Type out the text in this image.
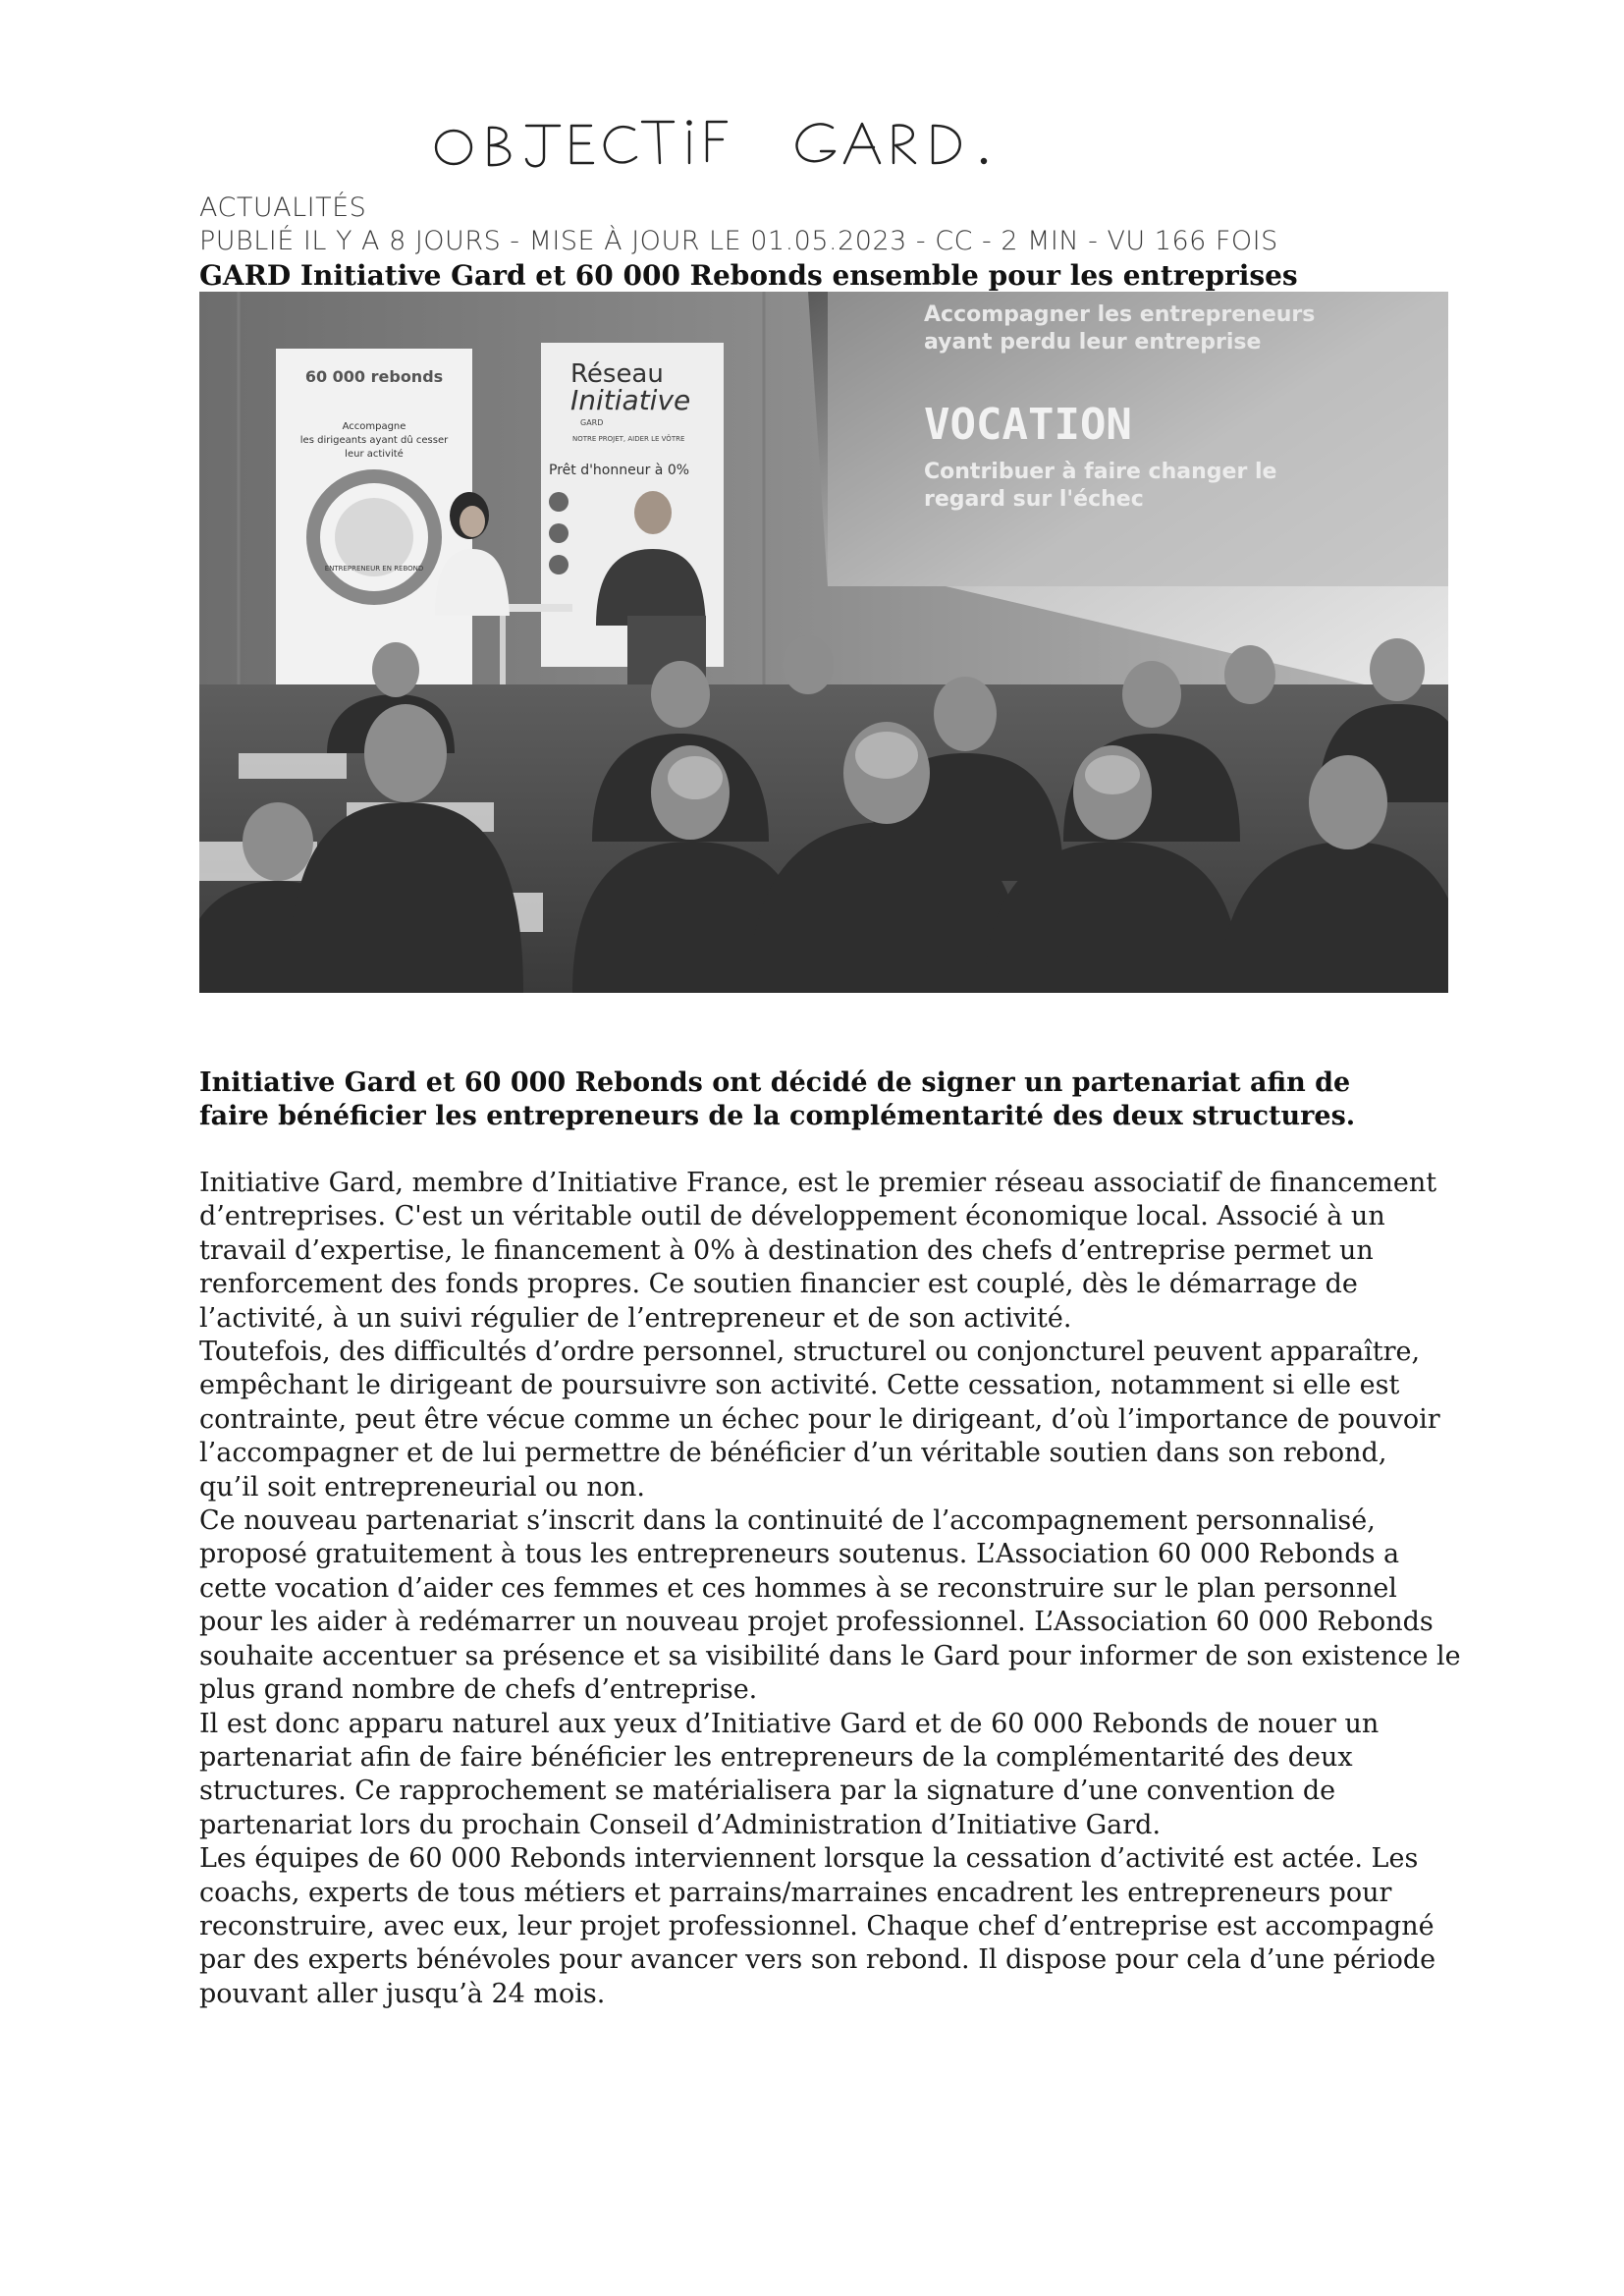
ACTUALITÉS
PUBLIÉ IL Y A 8 JOURS - MISE À JOUR LE 01.05.2023 - CC - 2 MIN - VU 166 FOIS
GARD Initiative Gard et 60 000 Rebonds ensemble pour les entreprises
Accompagner les entrepreneurs
ayant perdu leur entreprise
VOCATION
Contribuer à faire changer le
regard sur l'échec
60 000 rebonds
Accompagne
les dirigeants ayant dû cesser
leur activité
ENTREPRENEUR EN REBOND
Réseau
Initiative
GARD
NOTRE PROJET, AIDER LE VÔTRE
Prêt d'honneur à 0%
Initiative Gard et 60 000 Rebonds ont décidé de signer un partenariat afin de
faire bénéficier les entrepreneurs de la complémentarité des deux structures.

Initiative Gard, membre d’Initiative France, est le premier réseau associatif de financement

d’entreprises. C'est un véritable outil de développement économique local. Associé à un

travail d’expertise, le financement à 0% à destination des chefs d’entreprise permet un

renforcement des fonds propres. Ce soutien financier est couplé, dès le démarrage de

l’activité, à un suivi régulier de l’entrepreneur et de son activité.

Toutefois, des difficultés d’ordre personnel, structurel ou conjoncturel peuvent apparaître,

empêchant le dirigeant de poursuivre son activité. Cette cessation, notamment si elle est

contrainte, peut être vécue comme un échec pour le dirigeant, d’où l’importance de pouvoir

l’accompagner et de lui permettre de bénéficier d’un véritable soutien dans son rebond,

qu’il soit entrepreneurial ou non.

Ce nouveau partenariat s’inscrit dans la continuité de l’accompagnement personnalisé,

proposé gratuitement à tous les entrepreneurs soutenus. L’Association 60 000 Rebonds a

cette vocation d’aider ces femmes et ces hommes à se reconstruire sur le plan personnel

pour les aider à redémarrer un nouveau projet professionnel. L’Association 60 000 Rebonds

souhaite accentuer sa présence et sa visibilité dans le Gard pour informer de son existence le

plus grand nombre de chefs d’entreprise.

Il est donc apparu naturel aux yeux d’Initiative Gard et de 60 000 Rebonds de nouer un

partenariat afin de faire bénéficier les entrepreneurs de la complémentarité des deux

structures. Ce rapprochement se matérialisera par la signature d’une convention de

partenariat lors du prochain Conseil d’Administration d’Initiative Gard.

Les équipes de 60 000 Rebonds interviennent lorsque la cessation d’activité est actée. Les

coachs, experts de tous métiers et parrains/marraines encadrent les entrepreneurs pour

reconstruire, avec eux, leur projet professionnel. Chaque chef d’entreprise est accompagné

par des experts bénévoles pour avancer vers son rebond. Il dispose pour cela d’une période

pouvant aller jusqu’à 24 mois.
